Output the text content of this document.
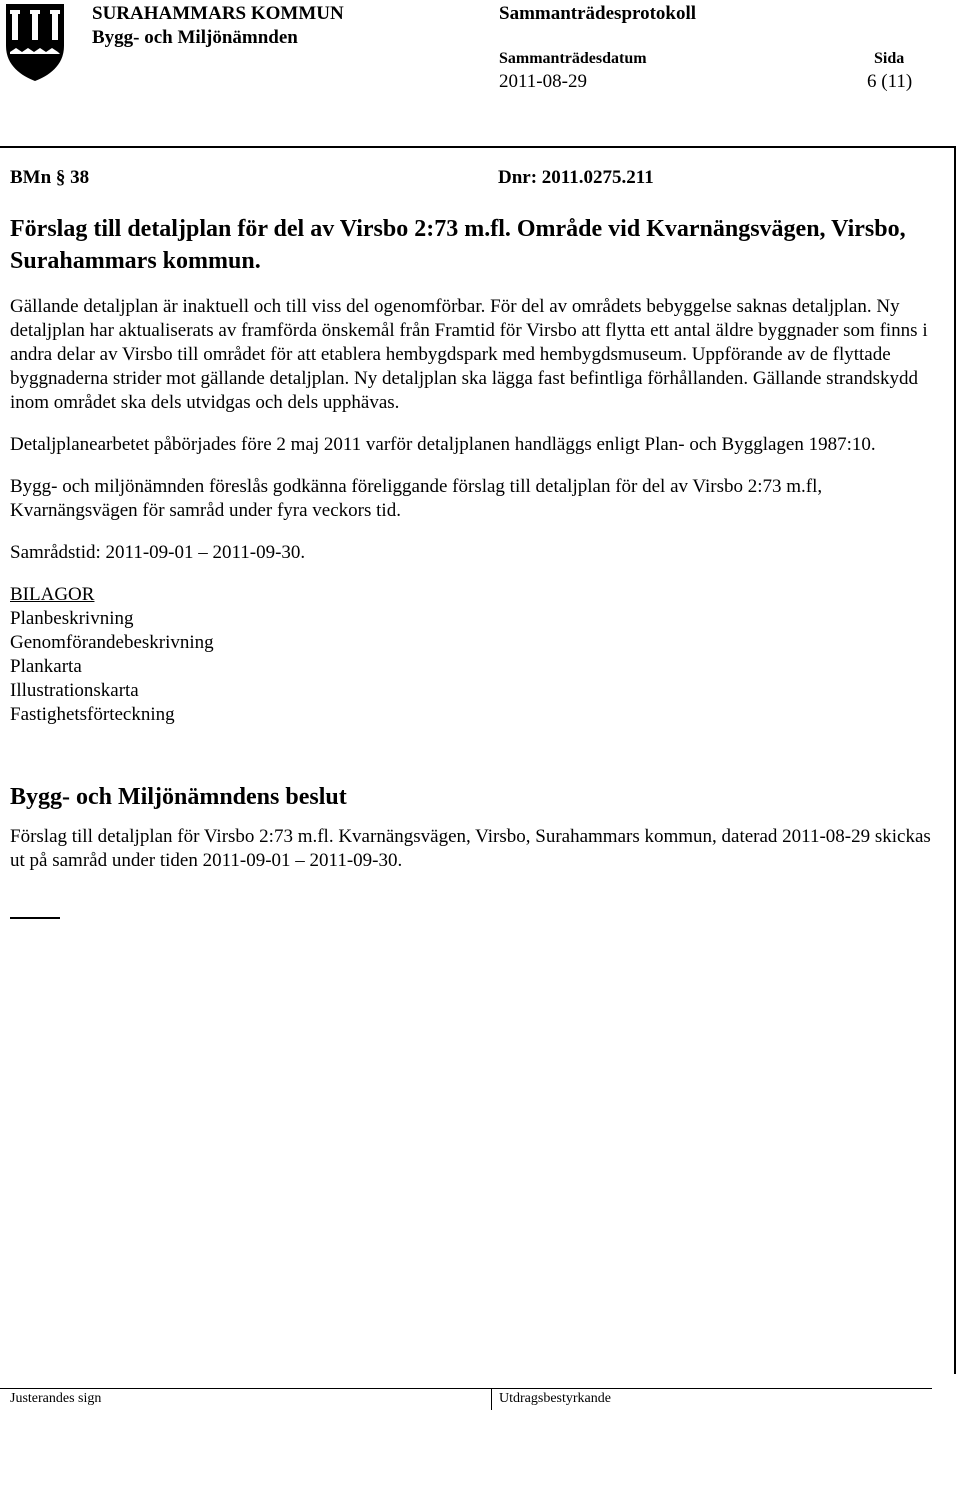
SURAHAMMARS KOMMUN
Bygg- och Miljönämnden
Sammanträdesprotokoll
Sammanträdesdatum
2011-08-29
Sida
6 (11)
BMn § 38	Dnr: 2011.0275.211
Förslag till detaljplan för del av Virsbo 2:73 m.fl. Område vid Kvarnängsvägen, Virsbo, Surahammars kommun.

Gällande detaljplan är inaktuell och till viss del ogenomförbar. För del av områdets bebyggelse saknas detaljplan. Ny detaljplan har aktualiserats av framförda önskemål från Framtid för Virsbo att flytta ett antal äldre byggnader som finns i andra delar av Virsbo till området för att etablera hembygdspark med hembygdsmuseum. Uppförande av de flyttade byggnaderna strider mot gällande detaljplan. Ny detaljplan ska lägga fast befintliga förhållanden. Gällande strandskydd inom området ska dels utvidgas och dels upphävas.

Detaljplanearbetet påbörjades före 2 maj 2011 varför detaljplanen handläggs enligt Plan- och Bygglagen 1987:10.

Bygg- och miljönämnden föreslås godkänna föreliggande förslag till detaljplan för del av Virsbo 2:73 m.fl, Kvarnängsvägen för samråd under fyra veckors tid.

Samrådstid: 2011-09-01 – 2011-09-30.

BILAGOR

Planbeskrivning
Genomförandebeskrivning
Plankarta
Illustrationskarta
Fastighetsförteckning
Bygg- och Miljönämndens beslut

Förslag till detaljplan för Virsbo 2:73 m.fl. Kvarnängsvägen, Virsbo, Surahammars kommun, daterad 2011-08-29 skickas ut på samråd under tiden 2011-09-01 – 2011-09-30.

Justerandes sign	Utdragsbestyrkande
